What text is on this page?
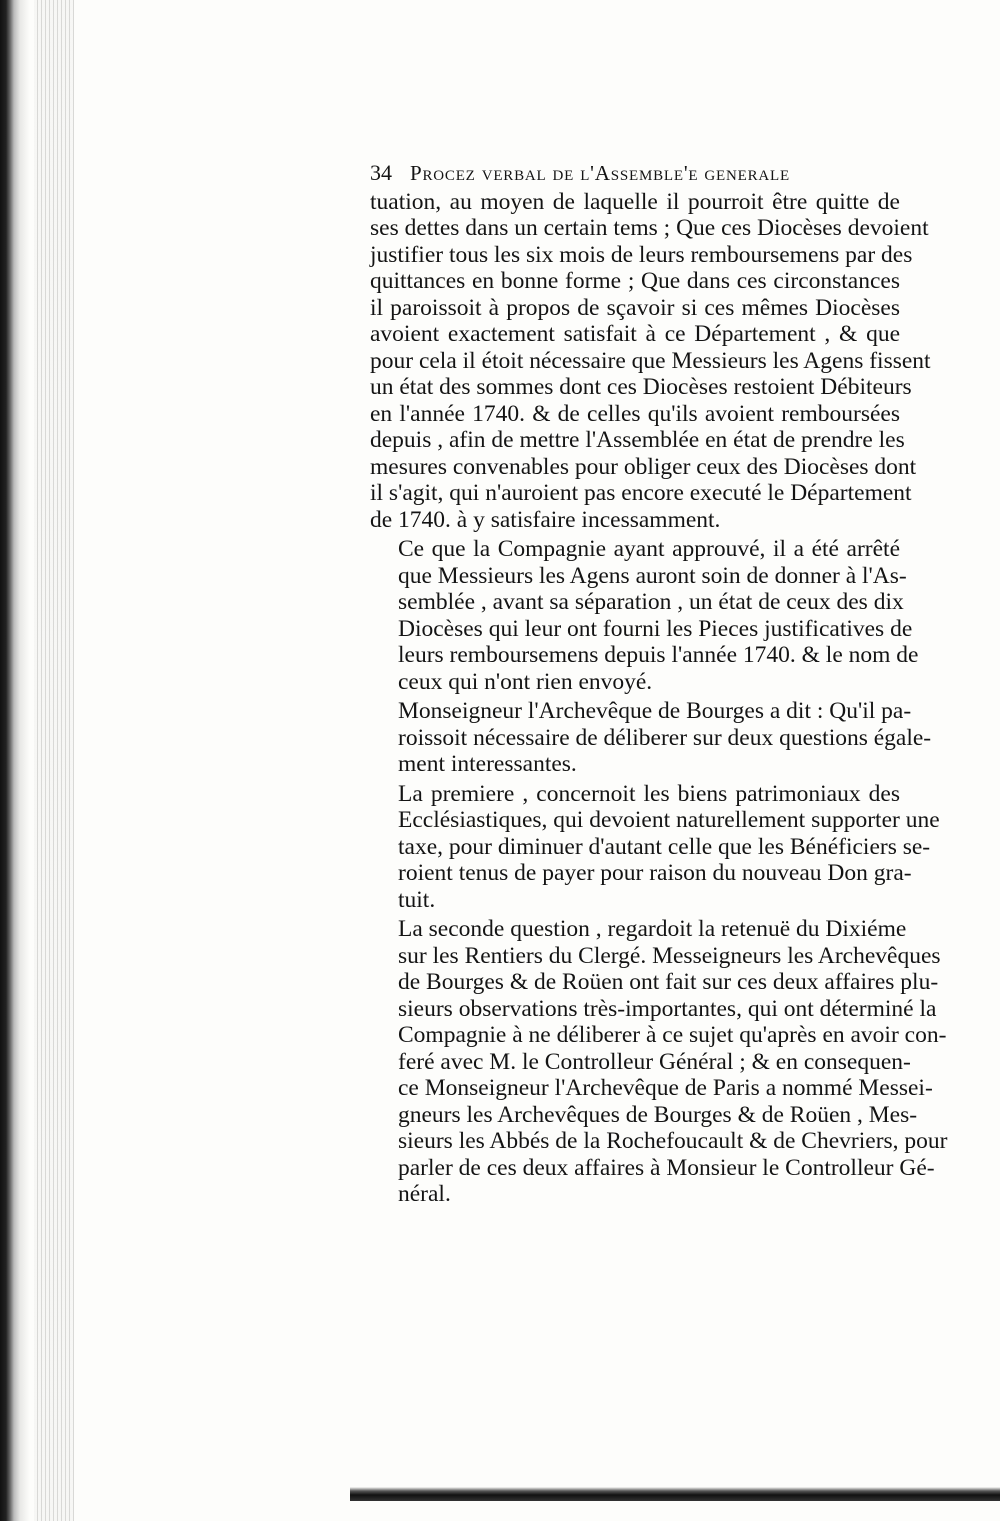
34 Procez verbal de l'Assemble'e generale

tuation, au moyen de laquelle il pourroit être quitte de
ses dettes dans un certain tems ; Que ces Diocèses devoient
justifier tous les six mois de leurs remboursemens par des
quittances en bonne forme ; Que dans ces circonstances
il paroissoit à propos de sçavoir si ces mêmes Diocèses
avoient exactement satisfait à ce Département , & que
pour cela il étoit nécessaire que Messieurs les Agens fissent
un état des sommes dont ces Diocèses restoient Débiteurs
en l'année 1740. & de celles qu'ils avoient remboursées
depuis , afin de mettre l'Assemblée en état de prendre les
mesures convenables pour obliger ceux des Diocèses dont
il s'agit, qui n'auroient pas encore executé le Département
de 1740. à y satisfaire incessamment.

Ce que la Compagnie ayant approuvé, il a été arrêté
que Messieurs les Agens auront soin de donner à l'As-
semblée , avant sa séparation , un état de ceux des dix
Diocèses qui leur ont fourni les Pieces justificatives de
leurs remboursemens depuis l'année 1740. & le nom de
ceux qui n'ont rien envoyé.

Monseigneur l'Archevêque de Bourges a dit : Qu'il pa-
roissoit nécessaire de déliberer sur deux questions égale-
ment interessantes.

La premiere , concernoit les biens patrimoniaux des
Ecclésiastiques, qui devoient naturellement supporter une
taxe, pour diminuer d'autant celle que les Bénéficiers se-
roient tenus de payer pour raison du nouveau Don gra-
tuit.

La seconde question , regardoit la retenuë du Dixiéme
sur les Rentiers du Clergé. Messeigneurs les Archevêques
de Bourges & de Roüen ont fait sur ces deux affaires plu-
sieurs observations très-importantes, qui ont déterminé la
Compagnie à ne déliberer à ce sujet qu'après en avoir con-
feré avec M. le Controlleur Général ; & en consequen-
ce Monseigneur l'Archevêque de Paris a nommé Messei-
gneurs les Archevêques de Bourges & de Roüen , Mes-
sieurs les Abbés de la Rochefoucault & de Chevriers, pour
parler de ces deux affaires à Monsieur le Controlleur Gé-
néral.
